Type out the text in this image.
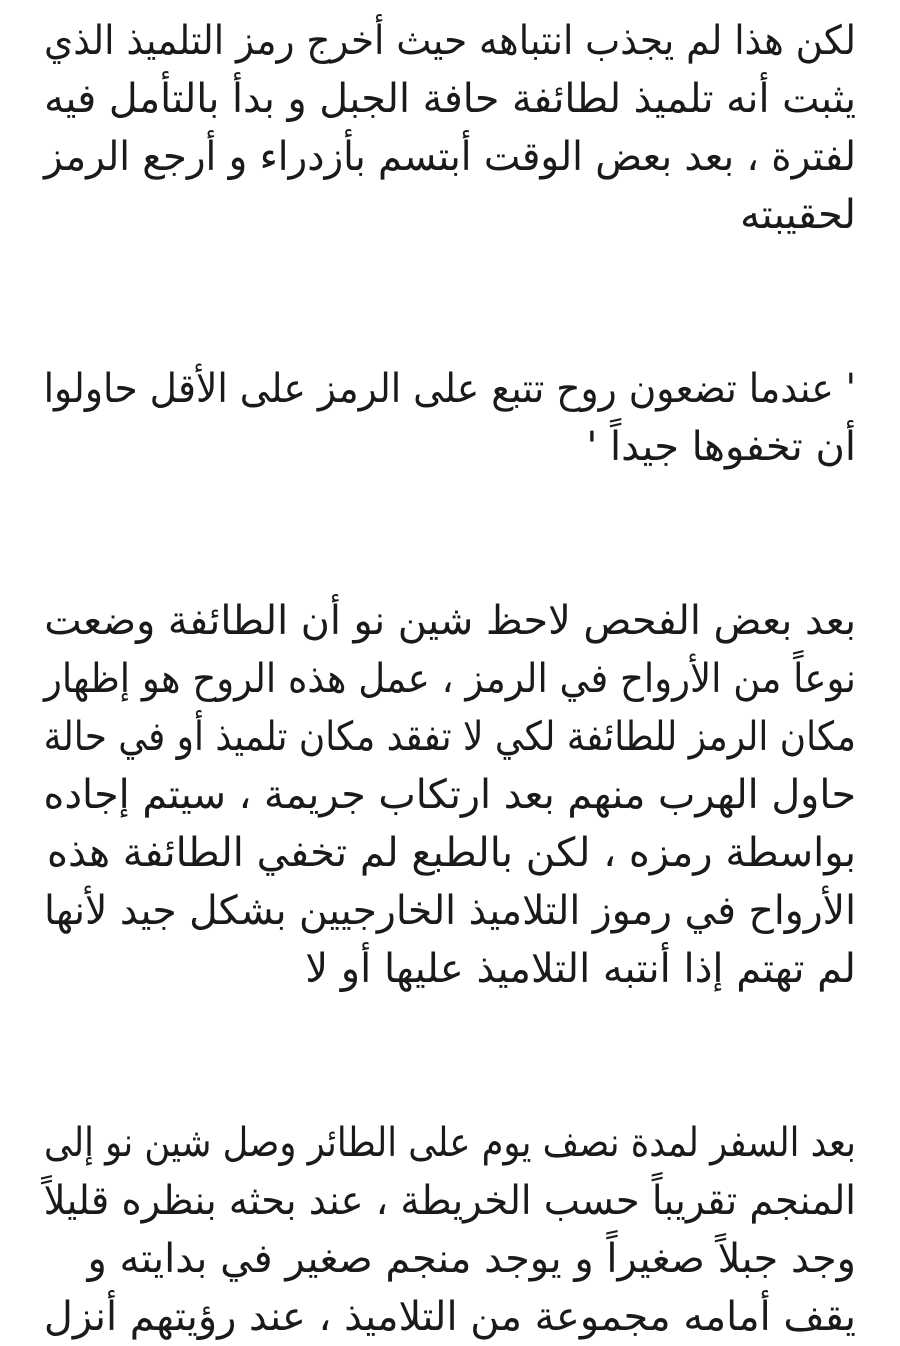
لكن هذا لم يجذب انتباهه حيث أخرج رمز التلميذ الذي
يثبت أنه تلميذ لطائفة حافة الجبل و بدأ بالتأمل فيه
لفترة ، بعد بعض الوقت أبتسم بأزدراء و أرجع الرمز
لحقيبته
' عندما تضعون روح تتبع على الرمز على الأقل حاولوا
أن تخفوها جيداً '
بعد بعض الفحص لاحظ شين نو أن الطائفة وضعت
نوعاً من الأرواح في الرمز ، عمل هذه الروح هو إظهار
مكان الرمز للطائفة لكي لا تفقد مكان تلميذ أو في حالة
حاول الهرب منهم بعد ارتكاب جريمة ، سيتم إجاده
بواسطة رمزه ، لكن بالطبع لم تخفي الطائفة هذه
الأرواح في رموز التلاميذ الخارجيين بشكل جيد لأنها
لم تهتم إذا أنتبه التلاميذ عليها أو لا
بعد السفر لمدة نصف يوم على الطائر وصل شين نو إلى
المنجم تقريباً حسب الخريطة ، عند بحثه بنظره قليلاً
وجد جبلاً صغيراً و يوجد منجم صغير في بدايته و
يقف أمامه مجموعة من التلاميذ ، عند رؤيتهم أنزل
